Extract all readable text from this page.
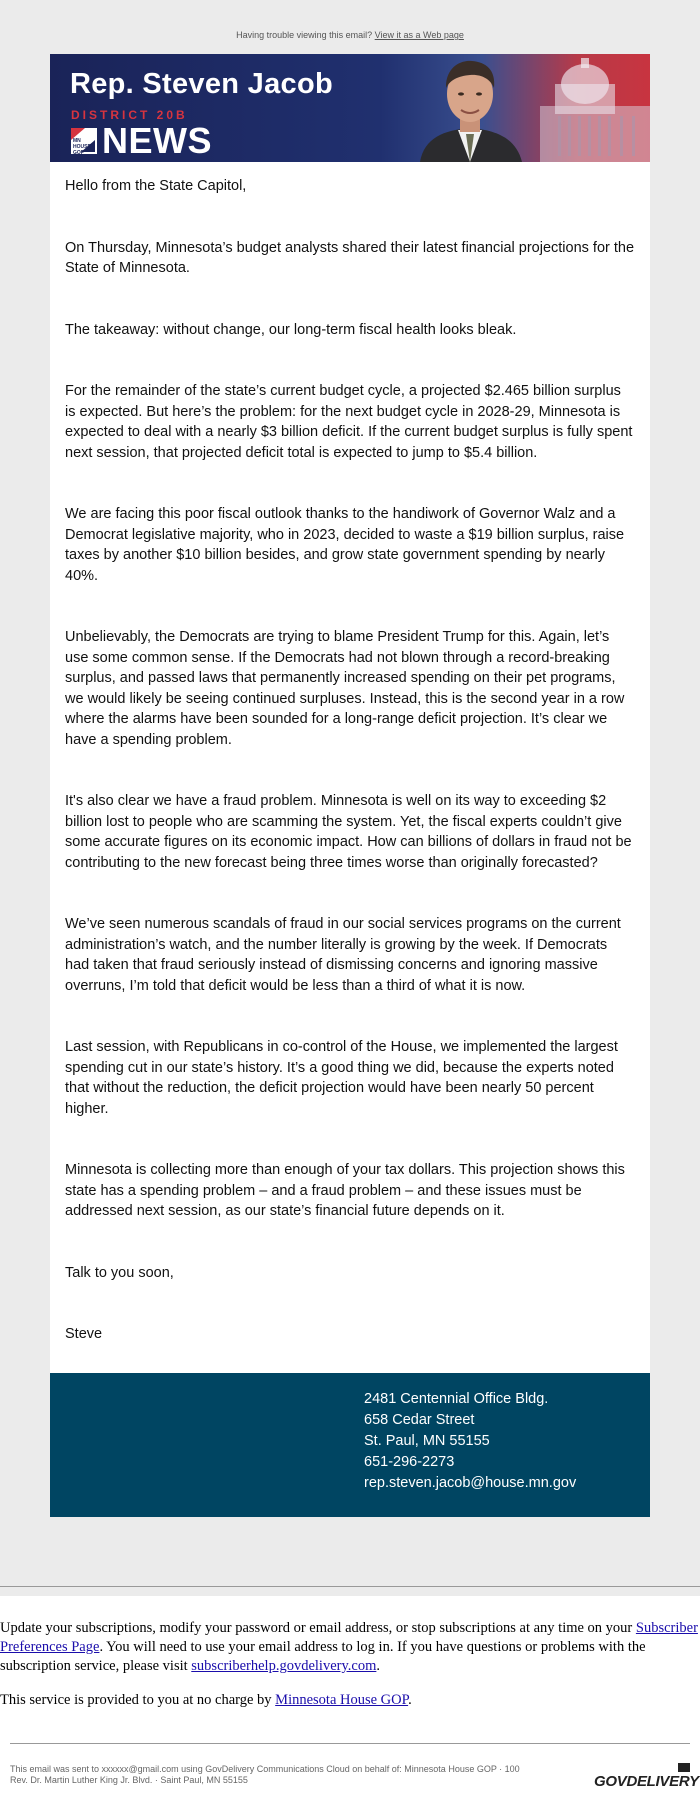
Having trouble viewing this email? View it as a Web page
Rep. Steven Jacob
DISTRICT 20B
MN HOUSE GOP NEWS

Hello from the State Capitol,

On Thursday, Minnesota’s budget analysts shared their latest financial projections for the State of Minnesota.

The takeaway: without change, our long-term fiscal health looks bleak.

For the remainder of the state’s current budget cycle, a projected $2.465 billion surplus is expected. But here’s the problem: for the next budget cycle in 2028-29, Minnesota is expected to deal with a nearly $3 billion deficit. If the current budget surplus is fully spent next session, that projected deficit total is expected to jump to $5.4 billion.

We are facing this poor fiscal outlook thanks to the handiwork of Governor Walz and a Democrat legislative majority, who in 2023, decided to waste a $19 billion surplus, raise taxes by another $10 billion besides, and grow state government spending by nearly 40%.

Unbelievably, the Democrats are trying to blame President Trump for this. Again, let’s use some common sense. If the Democrats had not blown through a record-breaking surplus, and passed laws that permanently increased spending on their pet programs, we would likely be seeing continued surpluses. Instead, this is the second year in a row where the alarms have been sounded for a long-range deficit projection. It’s clear we have a spending problem.

It's also clear we have a fraud problem. Minnesota is well on its way to exceeding $2 billion lost to people who are scamming the system. Yet, the fiscal experts couldn’t give some accurate figures on its economic impact. How can billions of dollars in fraud not be contributing to the new forecast being three times worse than originally forecasted?

We’ve seen numerous scandals of fraud in our social services programs on the current administration’s watch, and the number literally is growing by the week. If Democrats had taken that fraud seriously instead of dismissing concerns and ignoring massive overruns, I’m told that deficit would be less than a third of what it is now.

Last session, with Republicans in co-control of the House, we implemented the largest spending cut in our state’s history. It’s a good thing we did, because the experts noted that without the reduction, the deficit projection would have been nearly 50 percent higher.

Minnesota is collecting more than enough of your tax dollars. This projection shows this state has a spending problem – and a fraud problem – and these issues must be addressed next session, as our state’s financial future depends on it.

Talk to you soon,

Steve

2481 Centennial Office Bldg.
658 Cedar Street
St. Paul, MN 55155
651-296-2273
rep.steven.jacob@house.mn.gov

Update your subscriptions, modify your password or email address, or stop subscriptions at any time on your Subscriber Preferences Page. You will need to use your email address to log in. If you have questions or problems with the subscription service, please visit subscriberhelp.govdelivery.com.

This service is provided to you at no charge by Minnesota House GOP.

This email was sent to xxxxxx@gmail.com using GovDelivery Communications Cloud on behalf of: Minnesota House GOP · 100
Rev. Dr. Martin Luther King Jr. Blvd. · Saint Paul, MN 55155	GOVDELIVERY
